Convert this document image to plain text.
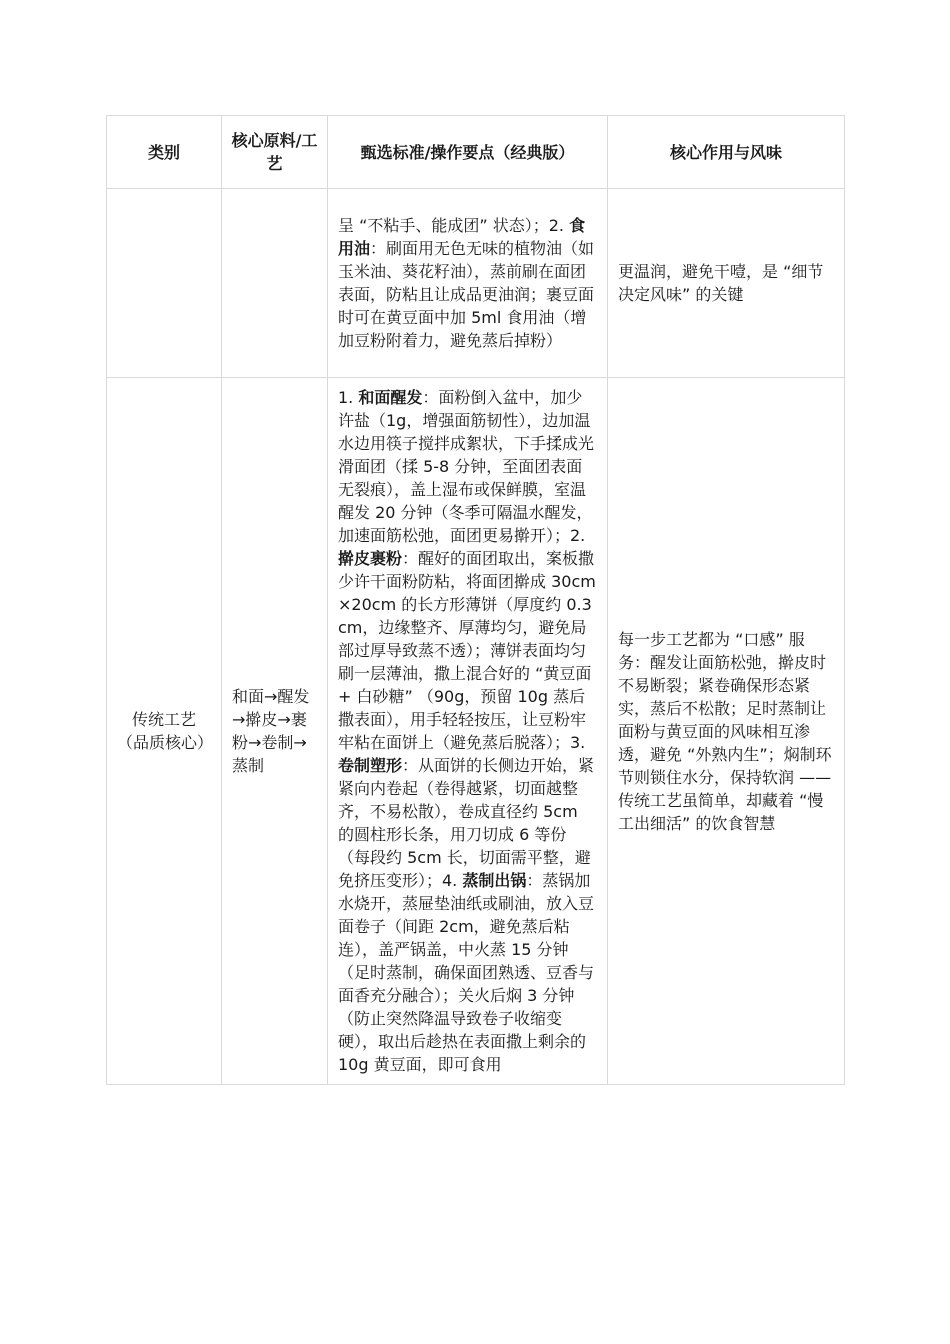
类别	核心原料/工艺	甄选标准/操作要点（经典版）	核心作用与风味
		呈 “不粘手、能成团” 状态）；2. 食用油：刷面用无色无味的植物油（如玉米油、葵花籽油），蒸前刷在面团表面，防粘且让成品更油润；裹豆面时可在黄豆面中加 5ml 食用油（增加豆粉附着力，避免蒸后掉粉）	更温润，避免干噎，是 “细节决定风味” 的关键
传统工艺（品质核心）	和面→醒发→擀皮→裹粉→卷制→蒸制	1. 和面醒发：面粉倒入盆中，加少许盐（1g，增强面筋韧性），边加温水边用筷子搅拌成絮状，下手揉成光滑面团（揉 5-8 分钟，至面团表面无裂痕），盖上湿布或保鲜膜，室温醒发 20 分钟（冬季可隔温水醒发，加速面筋松弛，面团更易擀开）；2. 擀皮裹粉：醒好的面团取出，案板撒少许干面粉防粘，将面团擀成 30cm×20cm 的长方形薄饼（厚度约 0.3cm，边缘整齐、厚薄均匀，避免局部过厚导致蒸不透）；薄饼表面均匀刷一层薄油，撒上混合好的 “黄豆面 + 白砂糖” （90g，预留 10g 蒸后撒表面），用手轻轻按压，让豆粉牢牢粘在面饼上（避免蒸后脱落）；3. 卷制塑形：从面饼的长侧边开始，紧紧向内卷起（卷得越紧，切面越整齐，不易松散），卷成直径约 5cm 的圆柱形长条，用刀切成 6 等份（每段约 5cm 长，切面需平整，避免挤压变形）；4. 蒸制出锅：蒸锅加水烧开，蒸屉垫油纸或刷油，放入豆面卷子（间距 2cm，避免蒸后粘连），盖严锅盖，中火蒸 15 分钟（足时蒸制，确保面团熟透、豆香与面香充分融合）；关火后焖 3 分钟（防止突然降温导致卷子收缩变硬），取出后趁热在表面撒上剩余的 10g 黄豆面，即可食用	每一步工艺都为 “口感” 服务：醒发让面筋松弛，擀皮时不易断裂；紧卷确保形态紧实，蒸后不松散；足时蒸制让面粉与黄豆面的风味相互渗透，避免 “外熟内生”；焖制环节则锁住水分，保持软润 —— 传统工艺虽简单，却藏着 “慢工出细活” 的饮食智慧
